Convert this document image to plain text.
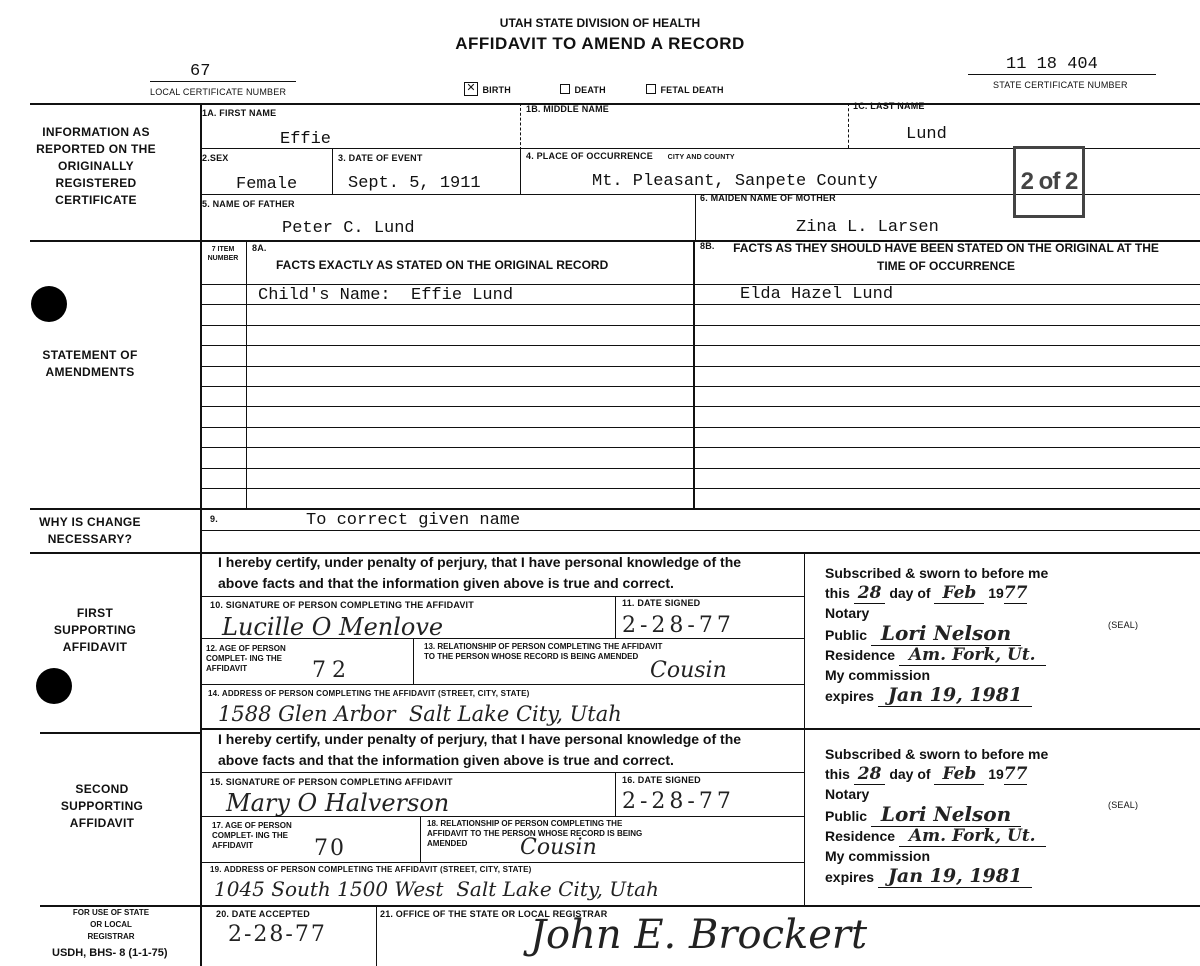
UTAH STATE DIVISION OF HEALTH
AFFIDAVIT TO AMEND A RECORD
67
LOCAL CERTIFICATE NUMBER
11 18 404
STATE CERTIFICATE NUMBER
✕ BIRTH	DEATH	FETAL DEATH
INFORMATION AS REPORTED ON THE ORIGINALLY REGISTERED CERTIFICATE
STATEMENT OF AMENDMENTS
WHY IS CHANGE NECESSARY?
FIRST SUPPORTING AFFIDAVIT
SECOND SUPPORTING AFFIDAVIT
FOR USE OF STATE OR LOCAL REGISTRAR
1A. FIRST NAME
Effie
1B. MIDDLE NAME	1C. LAST NAME
Lund
2.SEX
Female
3. DATE OF EVENT
Sept. 5, 1911
4. PLACE OF OCCURRENCE CITY AND COUNTY
Mt. Pleasant, Sanpete County	2 of 2
5. NAME OF FATHER
Peter C. Lund
6. MAIDEN NAME OF MOTHER
Zina L. Larsen
7 ITEM NUMBER
8A.
FACTS EXACTLY AS STATED ON THE ORIGINAL RECORD
8B. FACTS AS THEY SHOULD HAVE BEEN STATED ON THE ORIGINAL AT THE TIME OF OCCURRENCE
Child's Name:  Effie Lund	Elda Hazel Lund
9.	To correct given name
I hereby certify, under penalty of perjury, that I have personal knowledge of the above facts and that the information given above is true and correct.
10. SIGNATURE OF PERSON COMPLETING THE AFFIDAVIT
Lucille O Menlove
11. DATE SIGNED
2-28-77
12. AGE OF PERSON COMPLET- ING THE AFFIDAVIT	72
13. RELATIONSHIP OF PERSON COMPLETING THE AFFIDAVIT TO THE PERSON WHOSE RECORD IS BEING AMENDED
Cousin
14. ADDRESS OF PERSON COMPLETING THE AFFIDAVIT (STREET, CITY, STATE)
1588 Glen Arbor  Salt Lake City, Utah
Subscribed & sworn to before me
this 28 day of Feb 1977
Notary
Public Lori Nelson
Residence Am. Fork, Ut.
My commission
expires Jan 19, 1981
(SEAL)
I hereby certify, under penalty of perjury, that I have personal knowledge of the above facts and that the information given above is true and correct.
15. SIGNATURE OF PERSON COMPLETING AFFIDAVIT
Mary O Halverson
16. DATE SIGNED
2-28-77
17. AGE OF PERSON COMPLET- ING THE AFFIDAVIT	70
18. RELATIONSHIP OF PERSON COMPLETING THE AFFIDAVIT TO THE PERSON WHOSE RECORD IS BEING AMENDED	Cousin
19. ADDRESS OF PERSON COMPLETING THE AFFIDAVIT (STREET, CITY, STATE)
1045 South 1500 West  Salt Lake City, Utah
Subscribed & sworn to before me
this 28 day of Feb 1977
Notary
Public Lori Nelson
Residence Am. Fork, Ut.
My commission
expires Jan 19, 1981
(SEAL)
20. DATE ACCEPTED
2-28-77
21. OFFICE OF THE STATE OR LOCAL REGISTRAR
John E. Brockert
USDH, BHS- 8 (1-1-75)
